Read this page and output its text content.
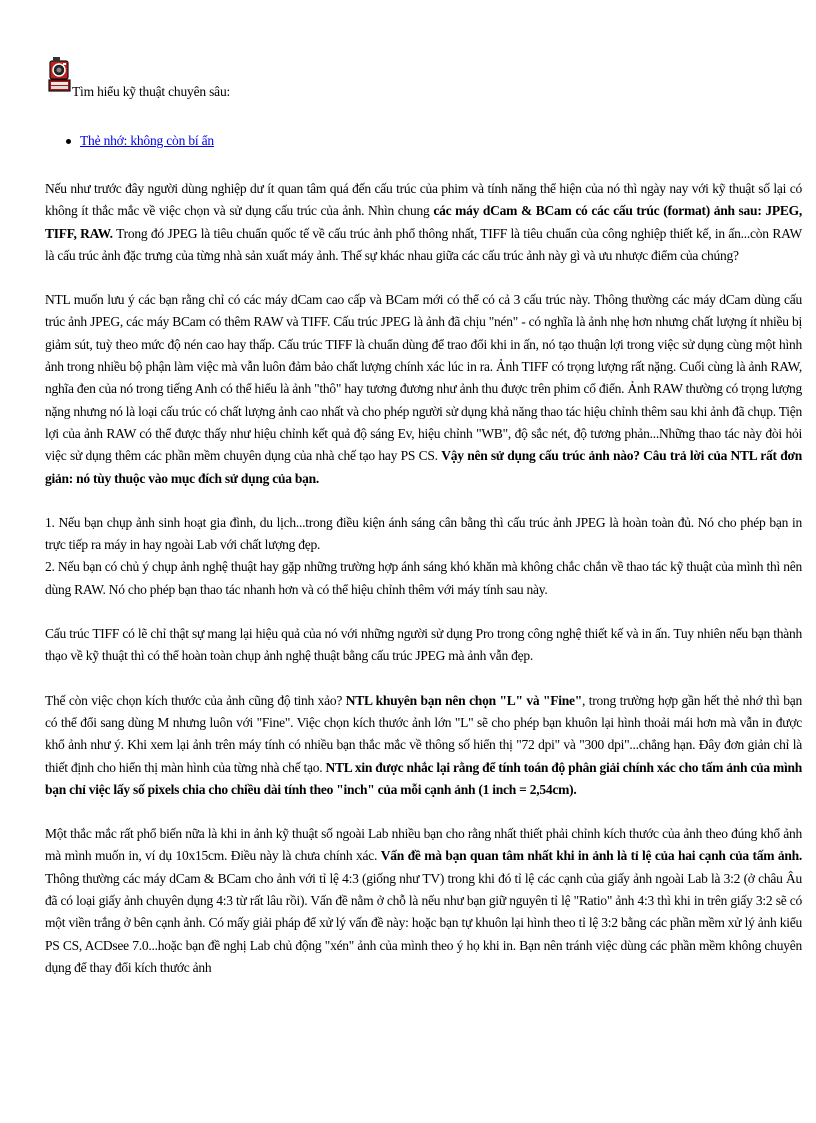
Tìm hiểu kỹ thuật chuyên sâu:
Thẻ nhớ: không còn bí ẩn

Nếu như trước đây người dùng nghiệp dư ít quan tâm quá đến cấu trúc của phim và tính năng thể hiện của nó thì ngày nay với kỹ thuật số lại có không ít thắc mắc về việc chọn và sử dụng cấu trúc của ảnh. Nhìn chung các máy dCam & BCam có các cấu trúc (format) ảnh sau: JPEG, TIFF, RAW. Trong đó JPEG là tiêu chuẩn quốc tế về cấu trúc ảnh phổ thông nhất, TIFF là tiêu chuẩn của công nghiệp thiết kế, in ấn...còn RAW là cấu trúc ảnh đặc trưng của từng nhà sản xuất máy ảnh. Thế sự khác nhau giữa các cấu trúc ảnh này gì và ưu nhược điểm của chúng?

NTL muốn lưu ý các bạn rằng chỉ có các máy dCam cao cấp và BCam mới có thể có cả 3 cấu trúc này. Thông thường các máy dCam dùng cấu trúc ảnh JPEG, các máy BCam có thêm RAW và TIFF. Cấu trúc JPEG là ảnh đã chịu "nén" - có nghĩa là ảnh nhẹ hơn nhưng chất lượng ít nhiều bị giảm sút, tuỳ theo mức độ nén cao hay thấp. Cấu trúc TIFF là chuẩn dùng để trao đổi khi in ấn, nó tạo thuận lợi trong việc sử dụng cùng một hình ảnh trong nhiều bộ phận làm việc mà vẫn luôn đảm bảo chất lượng chính xác lúc in ra. Ảnh TIFF có trọng lượng rất nặng. Cuối cùng là ảnh RAW, nghĩa đen của nó trong tiếng Anh có thể hiểu là ảnh "thô" hay tương đương như ảnh thu được trên phim cổ điển. Ảnh RAW thường có trọng lượng nặng nhưng nó là loại cấu trúc có chất lượng ảnh cao nhất và cho phép người sử dụng khả năng thao tác hiệu chỉnh thêm sau khi ảnh đã chụp. Tiện lợi của ảnh RAW có thể được thấy như hiệu chỉnh kết quả độ sáng Ev, hiệu chỉnh "WB", độ sắc nét, độ tương phản...Những thao tác này đòi hỏi việc sử dụng thêm các phần mềm chuyên dụng của nhà chế tạo hay PS CS. Vậy nên sử dụng cấu trúc ảnh nào? Câu trả lời của NTL rất đơn giản: nó tùy thuộc vào mục đích sử dụng của bạn.

1. Nếu bạn chụp ảnh sinh hoạt gia đình, du lịch...trong điều kiện ánh sáng cân bằng thì cấu trúc ảnh JPEG là hoàn toàn đủ. Nó cho phép bạn in trực tiếp ra máy in hay ngoài Lab với chất lượng đẹp.
2. Nếu bạn có chủ ý chụp ảnh nghệ thuật hay gặp những trường hợp ánh sáng khó khăn mà không chắc chắn về thao tác kỹ thuật của mình thì nên dùng RAW. Nó cho phép bạn thao tác nhanh hơn và có thể hiệu chỉnh thêm với máy tính sau này.

Cấu trúc TIFF có lẽ chỉ thật sự mang lại hiệu quả của nó với những người sử dụng Pro trong công nghệ thiết kế và in ấn. Tuy nhiên nếu bạn thành thạo về kỹ thuật thì có thể hoàn toàn chụp ảnh nghệ thuật bằng cấu trúc JPEG mà ảnh vẫn đẹp.

Thế còn việc chọn kích thước của ảnh cũng độ tinh xảo? NTL khuyên bạn nên chọn "L" và "Fine", trong trường hợp gần hết thẻ nhớ thì bạn có thể đổi sang dùng M nhưng luôn với "Fine". Việc chọn kích thước ảnh lớn "L" sẽ cho phép bạn khuôn lại hình thoải mái hơn mà vẫn in được khổ ảnh như ý. Khi xem lại ảnh trên máy tính có nhiều bạn thắc mắc về thông số hiển thị "72 dpi" và "300 dpi"...chẳng hạn. Đây đơn giản chỉ là thiết định cho hiển thị màn hình của từng nhà chế tạo. NTL xin được nhắc lại rằng để tính toán độ phân giải chính xác cho tấm ảnh của mình bạn chỉ việc lấy số pixels chia cho chiều dài tính theo "inch" của mỗi cạnh ảnh (1 inch = 2,54cm).

Một thắc mắc rất phổ biến nữa là khi in ảnh kỹ thuật số ngoài Lab nhiều bạn cho rằng nhất thiết phải chỉnh kích thước của ảnh theo đúng khổ ảnh mà mình muốn in, ví dụ 10x15cm. Điều này là chưa chính xác. Vấn đề mà bạn quan tâm nhất khi in ảnh là tỉ lệ của hai cạnh của tấm ảnh. Thông thường các máy dCam & BCam cho ảnh với tỉ lệ 4:3 (giống như TV) trong khi đó tỉ lệ các cạnh của giấy ảnh ngoài Lab là 3:2 (ở châu Âu đã có loại giấy ảnh chuyên dụng 4:3 từ rất lâu rồi). Vấn đề nằm ở chỗ là nếu như bạn giữ nguyên tỉ lệ "Ratio" ảnh 4:3 thì khi in trên giấy 3:2 sẽ có một viền trắng ở bên cạnh ảnh. Có mấy giải pháp để xử lý vấn đề này: hoặc bạn tự khuôn lại hình theo tỉ lệ 3:2 bằng các phần mềm xử lý ảnh kiểu PS CS, ACDsee 7.0...hoặc bạn đề nghị Lab chủ động "xén" ảnh của mình theo ý họ khi in. Bạn nên tránh việc dùng các phần mềm không chuyên dụng để thay đổi kích thước ảnh
